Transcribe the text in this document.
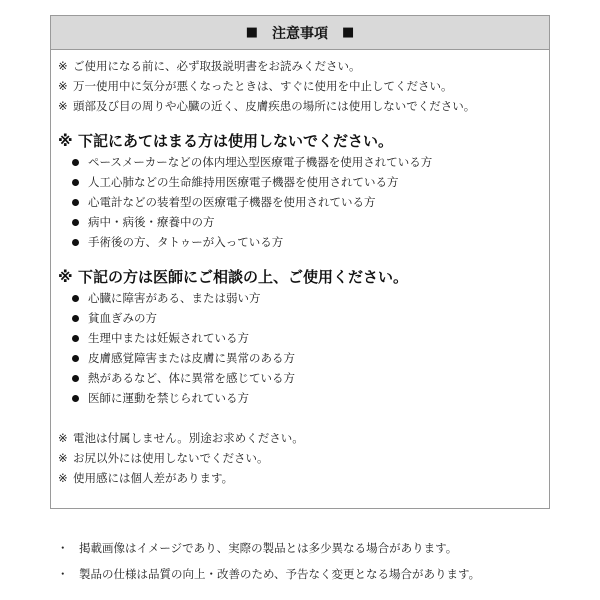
■ 注意事項 ■
※ ご使用になる前に、必ず取扱説明書をお読みください。
※ 万一使用中に気分が悪くなったときは、すぐに使用を中止してください。
※ 頭部及び目の周りや心臓の近く、皮膚疾患の場所には使用しないでください。
※ 下記にあてはまる方は使用しないでください。
ペースメーカーなどの体内埋込型医療電子機器を使用されている方
人工心肺などの生命維持用医療電子機器を使用されている方
心電計などの装着型の医療電子機器を使用されている方
病中・病後・療養中の方
手術後の方、タトゥーが入っている方
※ 下記の方は医師にご相談の上、ご使用ください。
心臓に障害がある、または弱い方
貧血ぎみの方
生理中または妊娠されている方
皮膚感覚障害または皮膚に異常のある方
熱があるなど、体に異常を感じている方
医師に運動を禁じられている方
※ 電池は付属しません。別途お求めください。
※ お尻以外には使用しないでください。
※ 使用感には個人差があります。
・ 掲載画像はイメージであり、実際の製品とは多少異なる場合があります。
・ 製品の仕様は品質の向上・改善のため、予告なく変更となる場合があります。
